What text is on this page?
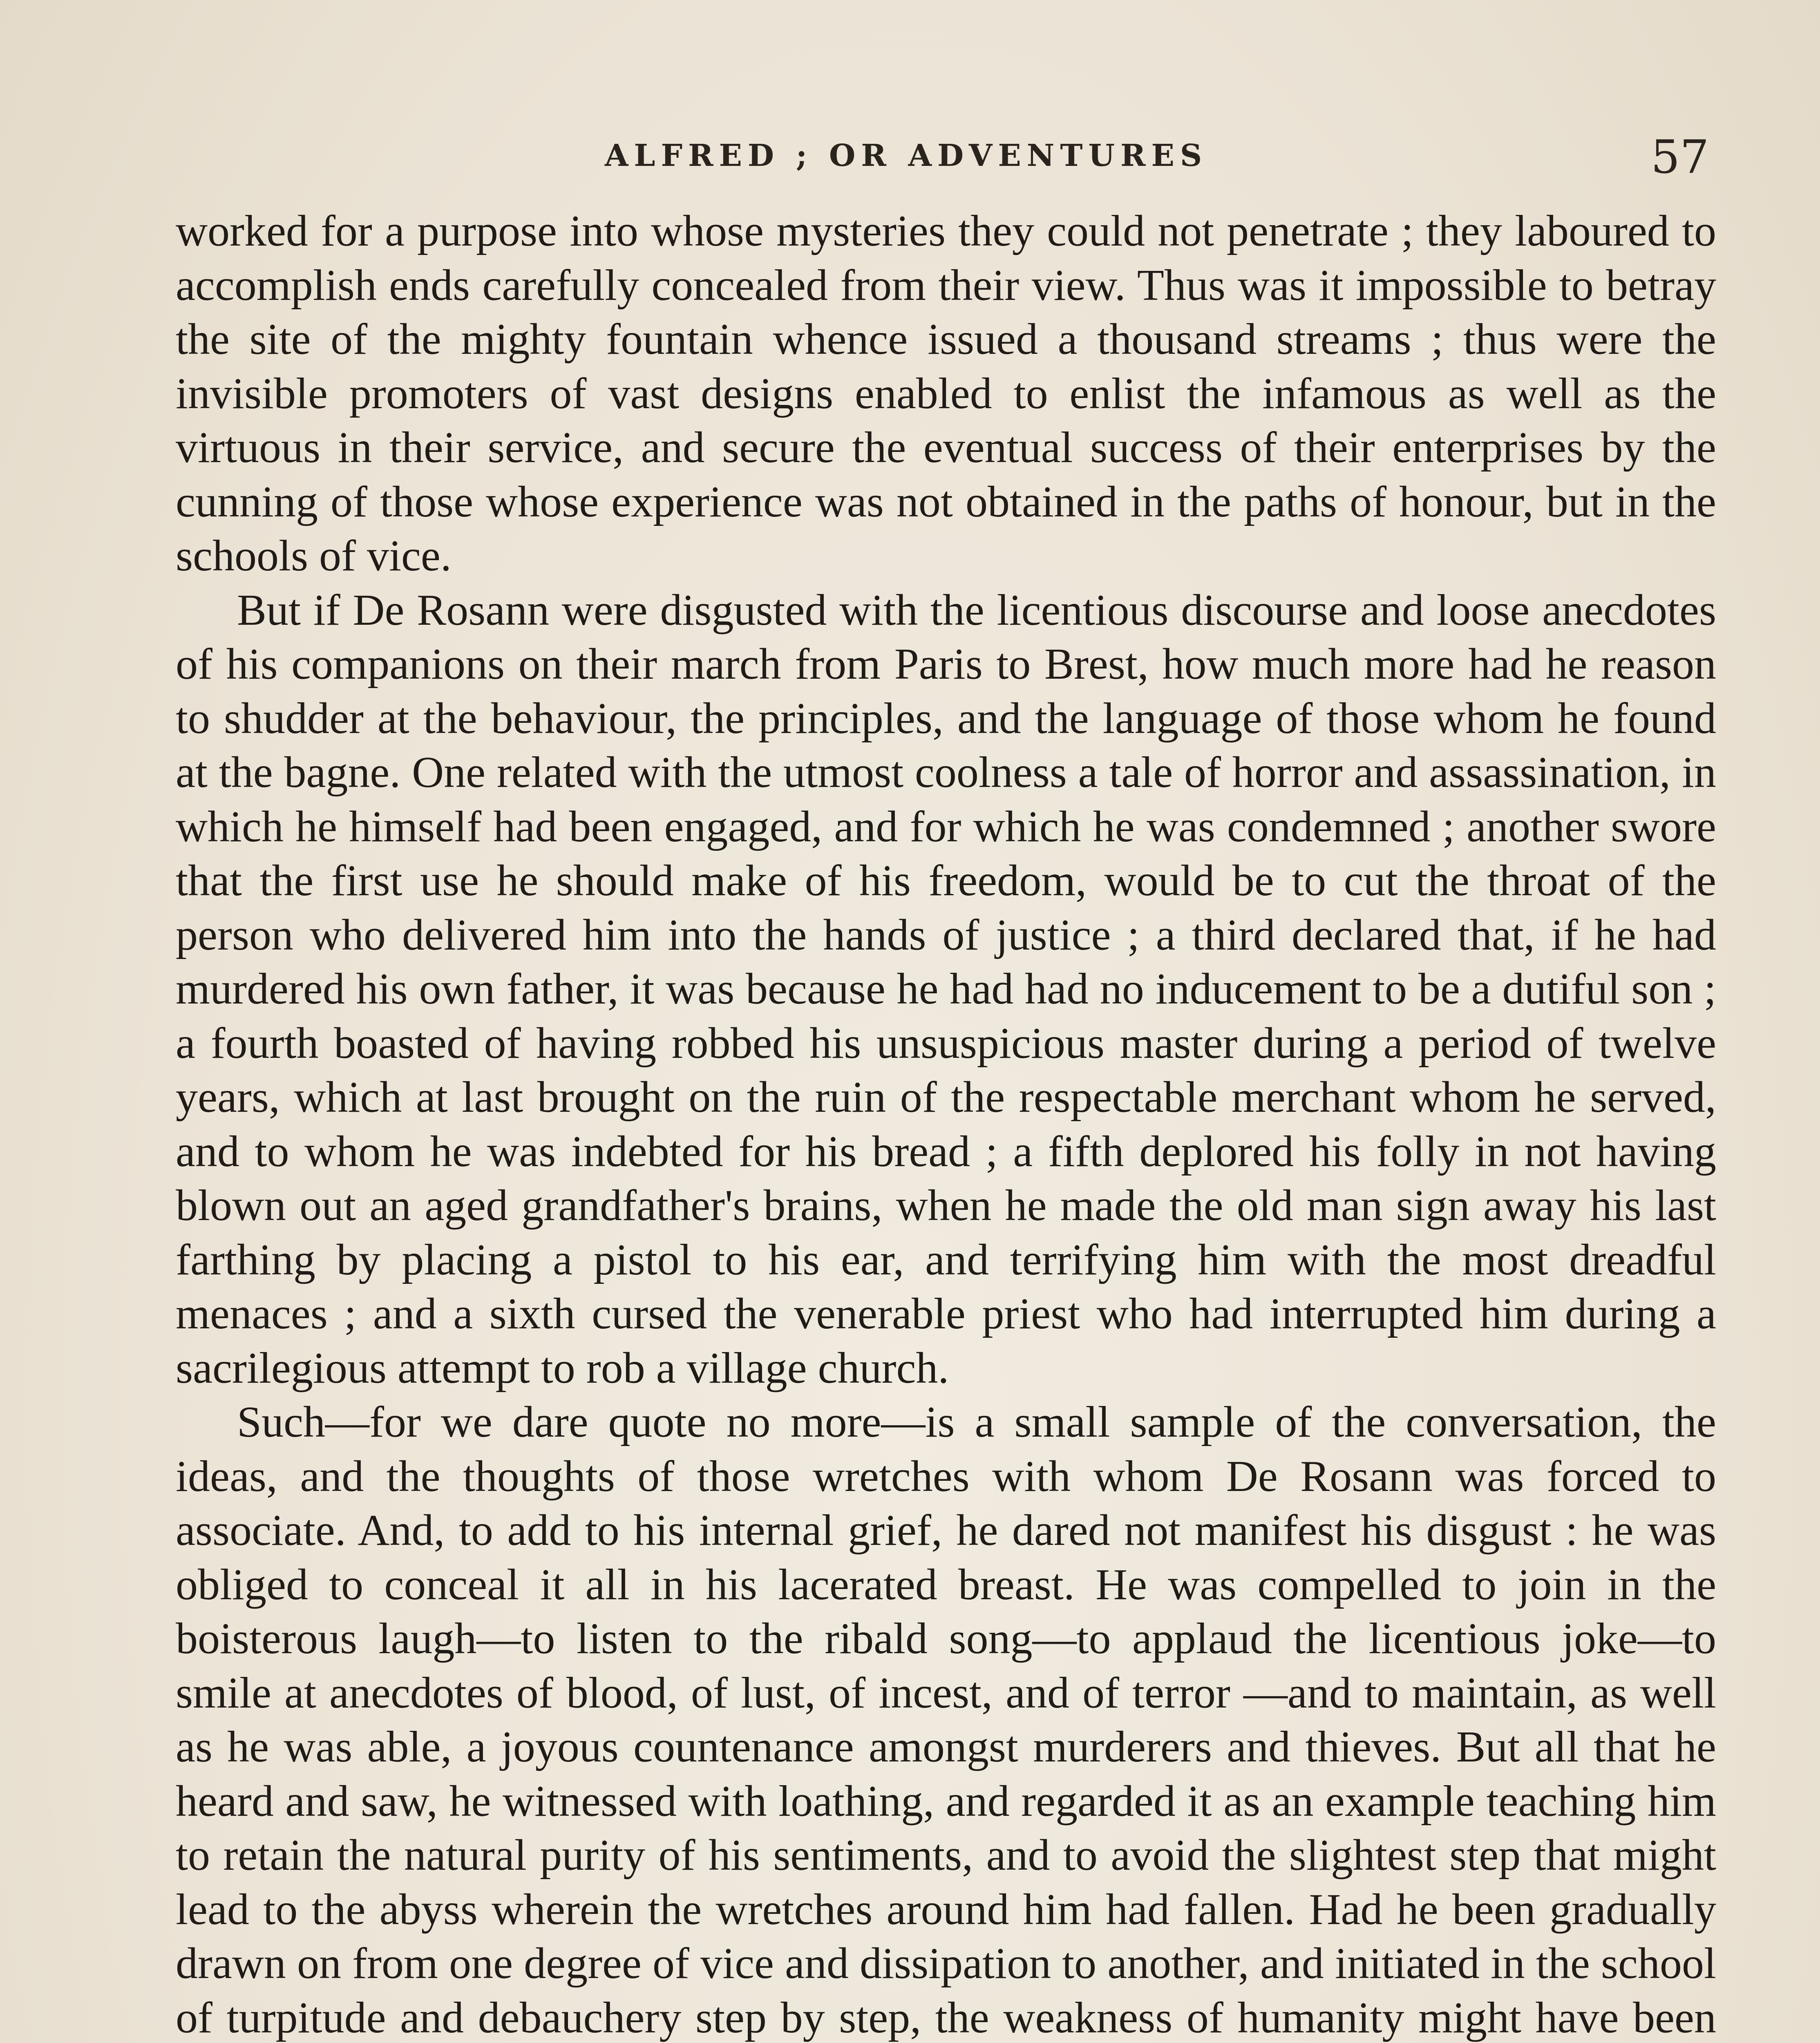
ALFRED ; OR ADVENTURES	57

worked for a purpose into whose mysteries they could not penetrate ; they laboured to accomplish ends carefully concealed from their view. Thus was it impossible to betray the site of the mighty fountain whence issued a thousand streams ; thus were the invisible promoters of vast designs enabled to enlist the infamous as well as the virtuous in their service, and secure the eventual success of their enterprises by the cunning of those whose experience was not obtained in the paths of honour, but in the schools of vice.

But if De Rosann were disgusted with the licentious discourse and loose anecdotes of his companions on their march from Paris to Brest, how much more had he reason to shudder at the behaviour, the principles, and the language of those whom he found at the bagne. One related with the utmost coolness a tale of horror and assassination, in which he himself had been engaged, and for which he was condemned ; another swore that the first use he should make of his freedom, would be to cut the throat of the person who delivered him into the hands of justice ; a third declared that, if he had murdered his own father, it was because he had had no inducement to be a dutiful son ; a fourth boasted of having robbed his unsuspicious master during a period of twelve years, which at last brought on the ruin of the respectable merchant whom he served, and to whom he was indebted for his bread ; a fifth deplored his folly in not having blown out an aged grandfather's brains, when he made the old man sign away his last farthing by placing a pistol to his ear, and terrifying him with the most dreadful menaces ; and a sixth cursed the venerable priest who had interrupted him during a sacrilegious attempt to rob a village church.

Such—for we dare quote no more—is a small sample of the conversation, the ideas, and the thoughts of those wretches with whom De Rosann was forced to associate. And, to add to his internal grief, he dared not manifest his disgust : he was obliged to conceal it all in his lacerated breast. He was compelled to join in the boisterous laugh—to listen to the ribald song—to applaud the licentious joke—to smile at anecdotes of blood, of lust, of incest, and of terror —and to maintain, as well as he was able, a joyous countenance amongst murderers and thieves. But all that he heard and saw, he witnessed with loathing, and regarded it as an example teaching him to retain the natural purity of his sentiments, and to avoid the slightest step that might lead to the abyss wherein the wretches around him had fallen. Had he been gradually drawn on from one degree of vice and dissipation to another, and initiated in the school of turpitude and debauchery step by step, the weakness of humanity might have been
